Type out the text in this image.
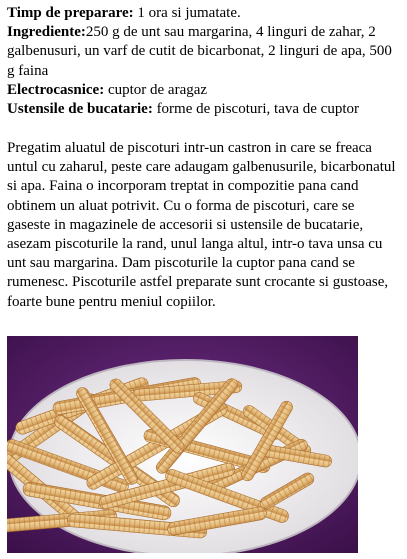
Timp de preparare: 1 ora si jumatate.

Ingrediente:250 g de unt sau margarina, 4 linguri de zahar, 2 galbenusuri, un varf de cutit de bicarbonat, 2 linguri de apa, 500 g faina

Electrocasnice: cuptor de aragaz

Ustensile de bucatarie: forme de piscoturi, tava de cuptor

Pregatim aluatul de piscoturi intr-un castron in care se freaca untul cu zaharul, peste care adaugam galbenusurile, bicarbonatul si apa. Faina o incorporam treptat in compozitie pana cand obtinem un aluat potrivit. Cu o forma de piscoturi, care se gaseste in magazinele de accesorii si ustensile de bucatarie, asezam piscoturile la rand, unul langa altul, intr-o tava unsa cu unt sau margarina. Dam piscoturile la cuptor pana cand se rumenesc. Piscoturile astfel preparate sunt crocante si gustoase, foarte bune pentru meniul copiilor.
